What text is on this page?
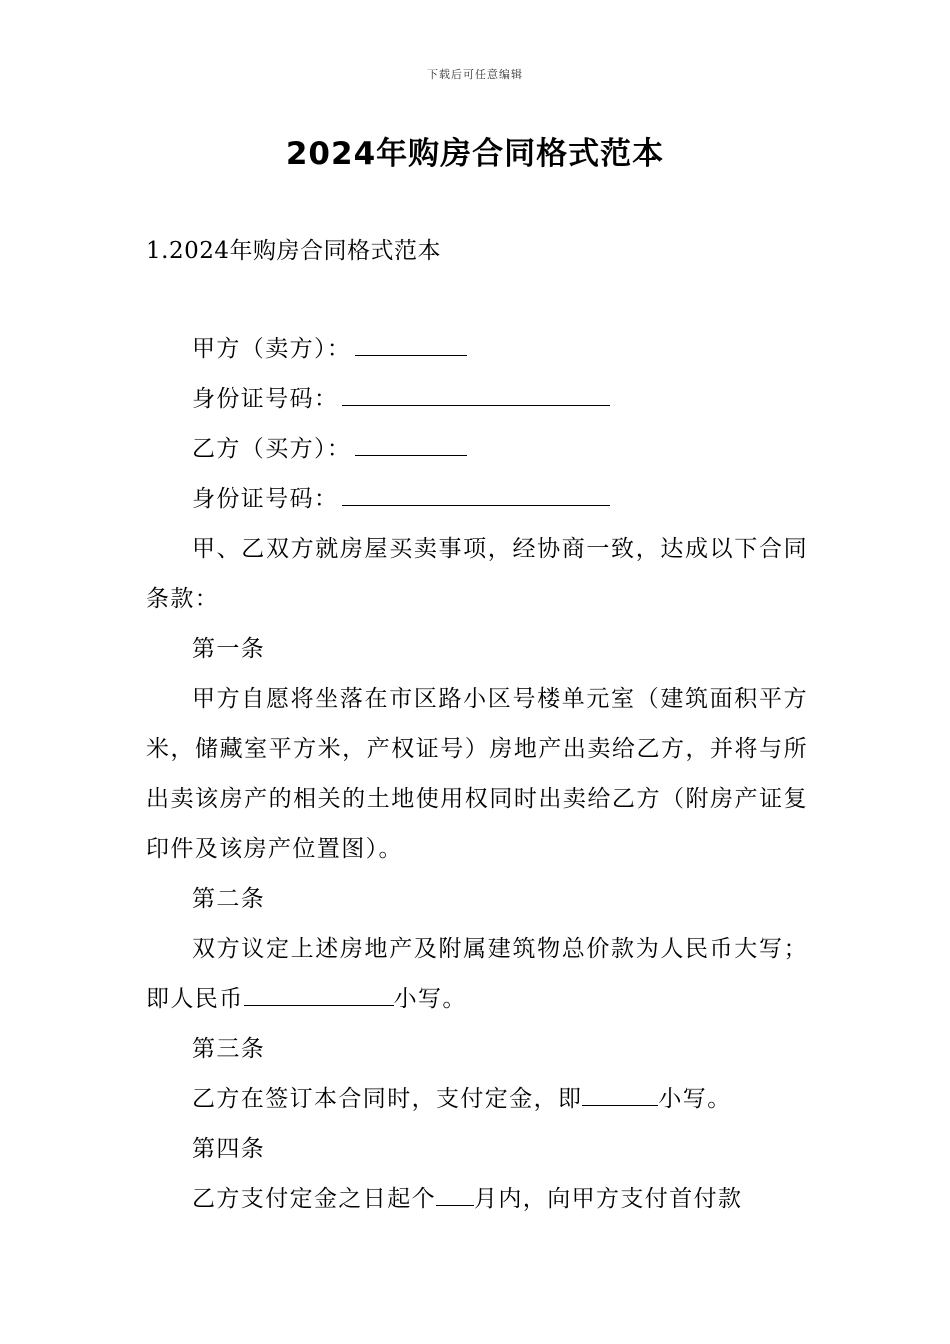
下载后可任意编辑
2024年购房合同格式范本
1.2024年购房合同格式范本

甲方（卖方）：

身份证号码：

乙方（买方）：

身份证号码：

甲、乙双方就房屋买卖事项，经协商一致，达成以下合同条款：

第一条

甲方自愿将坐落在市区路小区号楼单元室（建筑面积平方米，储藏室平方米，产权证号）房地产出卖给乙方，并将与所出卖该房产的相关的土地使用权同时出卖给乙方（附房产证复印件及该房产位置图）。

第二条

双方议定上述房地产及附属建筑物总价款为人民币大写；即人民币	小写。

第三条

乙方在签订本合同时，支付定金，即	小写。

第四条

乙方支付定金之日起个 月内，向甲方支付首付款
